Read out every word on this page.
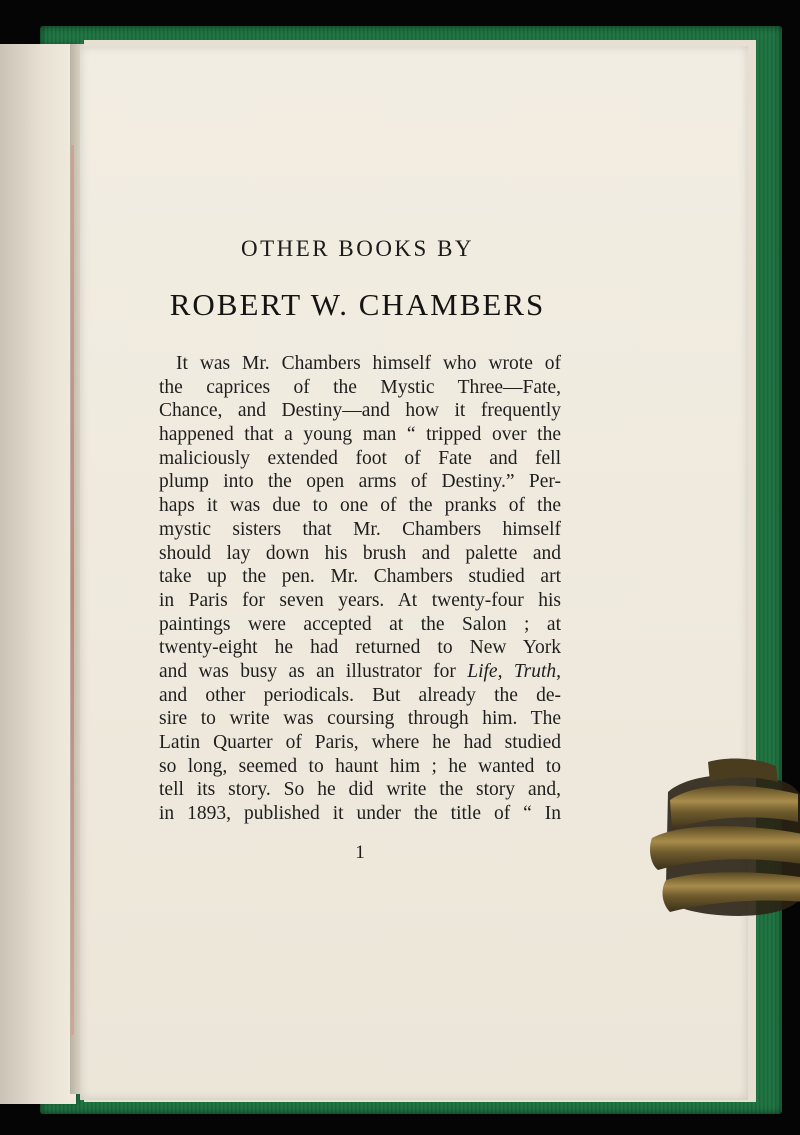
OTHER BOOKS BY
ROBERT W. CHAMBERS
It was Mr. Chambers himself who wrote of
the caprices of the Mystic Three—Fate,
Chance, and Destiny—and how it frequently
happened that a young man “ tripped over the
maliciously extended foot of Fate and fell
plump into the open arms of Destiny.” Per-
haps it was due to one of the pranks of the
mystic sisters that Mr. Chambers himself
should lay down his brush and palette and
take up the pen. Mr. Chambers studied art
in Paris for seven years. At twenty-four his
paintings were accepted at the Salon ; at
twenty-eight he had returned to New York
and was busy as an illustrator for Life, Truth,
and other periodicals. But already the de-
sire to write was coursing through him. The
Latin Quarter of Paris, where he had studied
so long, seemed to haunt him ; he wanted to
tell its story. So he did write the story and,
in 1893, published it under the title of “ In
1
